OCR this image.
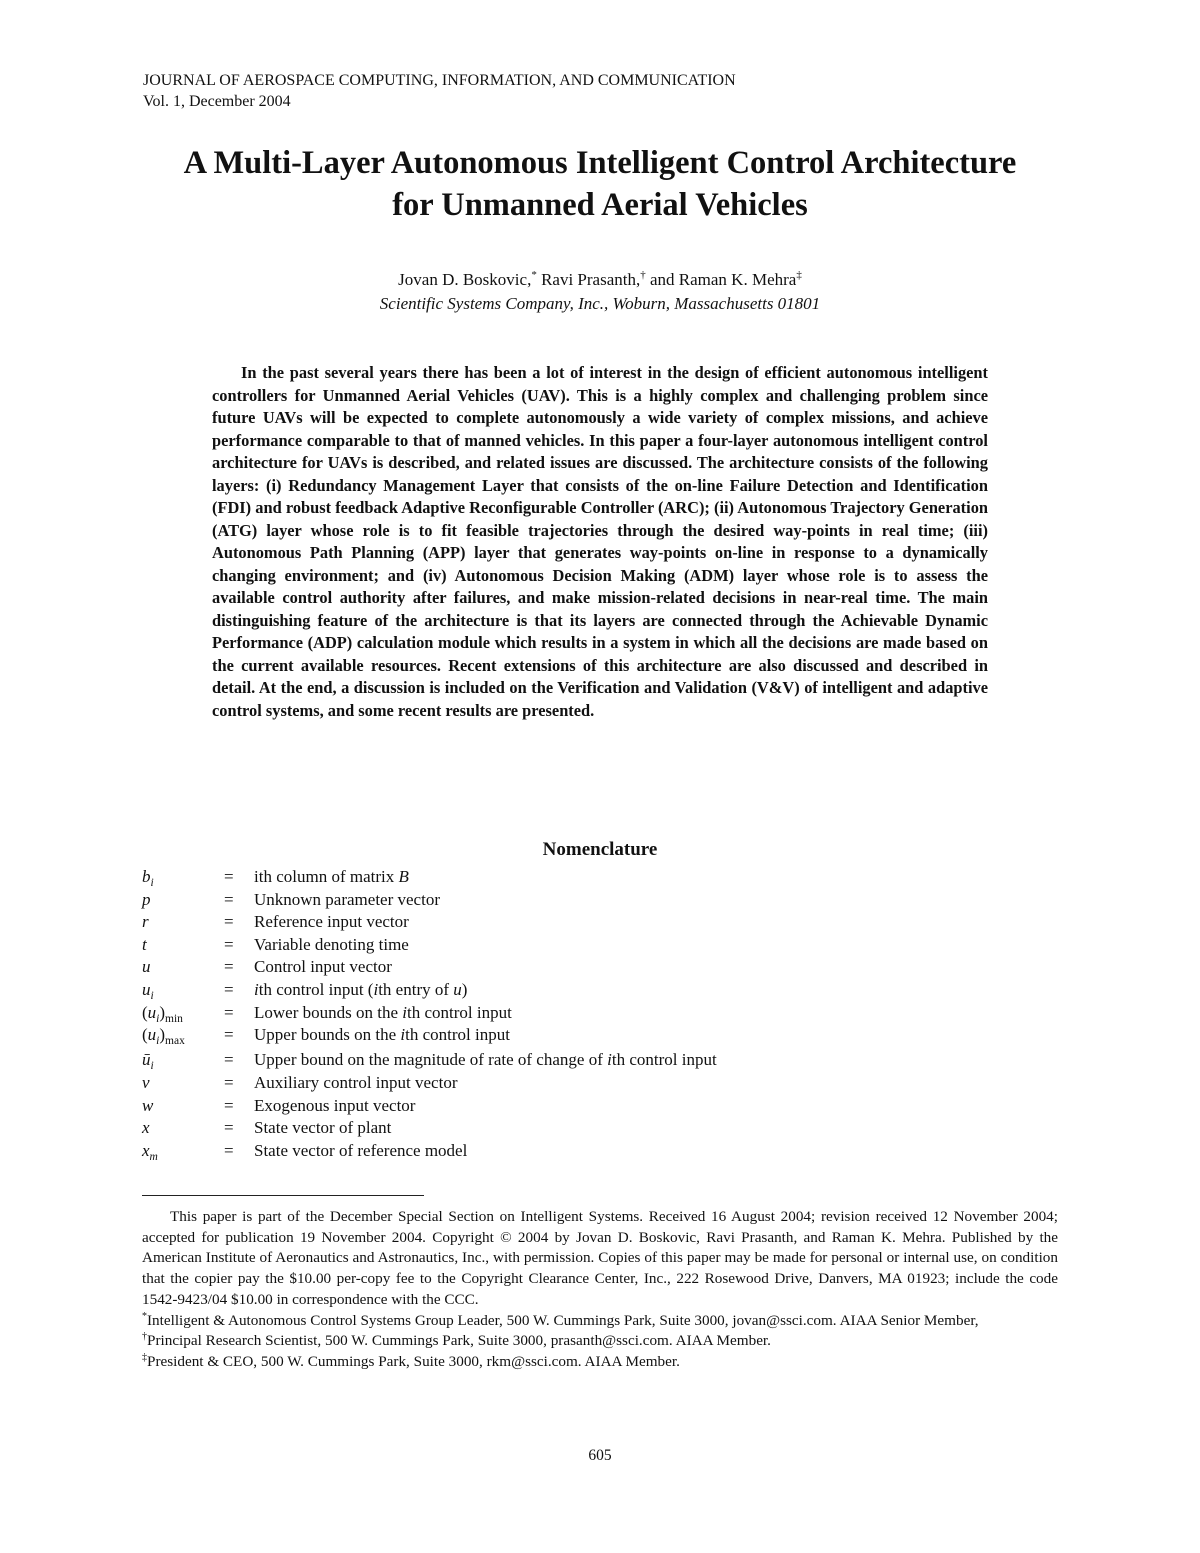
JOURNAL OF AEROSPACE COMPUTING, INFORMATION, AND COMMUNICATION
Vol. 1, December 2004
A Multi-Layer Autonomous Intelligent Control Architecture
for Unmanned Aerial Vehicles
Jovan D. Boskovic,* Ravi Prasanth,† and Raman K. Mehra‡
Scientific Systems Company, Inc., Woburn, Massachusetts 01801

In the past several years there has been a lot of interest in the design of efficient autonomous intelligent controllers for Unmanned Aerial Vehicles (UAV). This is a highly complex and challenging problem since future UAVs will be expected to complete autonomously a wide variety of complex missions, and achieve performance comparable to that of manned vehicles. In this paper a four-layer autonomous intelligent control architecture for UAVs is described, and related issues are discussed. The architecture consists of the following layers: (i) Redundancy Management Layer that consists of the on-line Failure Detection and Identification (FDI) and robust feedback Adaptive Reconfigurable Controller (ARC); (ii) Autonomous Trajectory Generation (ATG) layer whose role is to fit feasible trajectories through the desired way-points in real time; (iii) Autonomous Path Planning (APP) layer that generates way-points on-line in response to a dynamically changing environment; and (iv) Autonomous Decision Making (ADM) layer whose role is to assess the available control authority after failures, and make mission-related decisions in near-real time. The main distinguishing feature of the architecture is that its layers are connected through the Achievable Dynamic Performance (ADP) calculation module which results in a system in which all the decisions are made based on the current available resources. Recent extensions of this architecture are also discussed and described in detail. At the end, a discussion is included on the Verification and Validation (V&V) of intelligent and adaptive control systems, and some recent results are presented.

Nomenclature
$b_i$	=	ith column of matrix B
p	=	Unknown parameter vector
r	=	Reference input vector
t	=	Variable denoting time
u	=	Control input vector
$u_i$	=	ith control input (ith entry of u)
$(u_i)_{min}$	=	Lower bounds on the ith control input
$(u_i)_{max}$	=	Upper bounds on the ith control input
$ū_i$	=	Upper bound on the magnitude of rate of change of ith control input
v	=	Auxiliary control input vector
w	=	Exogenous input vector
x	=	State vector of plant
$x_m$	=	State vector of reference model

This paper is part of the December Special Section on Intelligent Systems. Received 16 August 2004; revision received 12 November 2004; accepted for publication 19 November 2004. Copyright © 2004 by Jovan D. Boskovic, Ravi Prasanth, and Raman K. Mehra. Published by the American Institute of Aeronautics and Astronautics, Inc., with permission. Copies of this paper may be made for personal or internal use, on condition that the copier pay the $10.00 per-copy fee to the Copyright Clearance Center, Inc., 222 Rosewood Drive, Danvers, MA 01923; include the code 1542-9423/04 $10.00 in correspondence with the CCC.

*Intelligent & Autonomous Control Systems Group Leader, 500 W. Cummings Park, Suite 3000, jovan@ssci.com. AIAA Senior Member,

†Principal Research Scientist, 500 W. Cummings Park, Suite 3000, prasanth@ssci.com. AIAA Member.

‡President & CEO, 500 W. Cummings Park, Suite 3000, rkm@ssci.com. AIAA Member.

605
